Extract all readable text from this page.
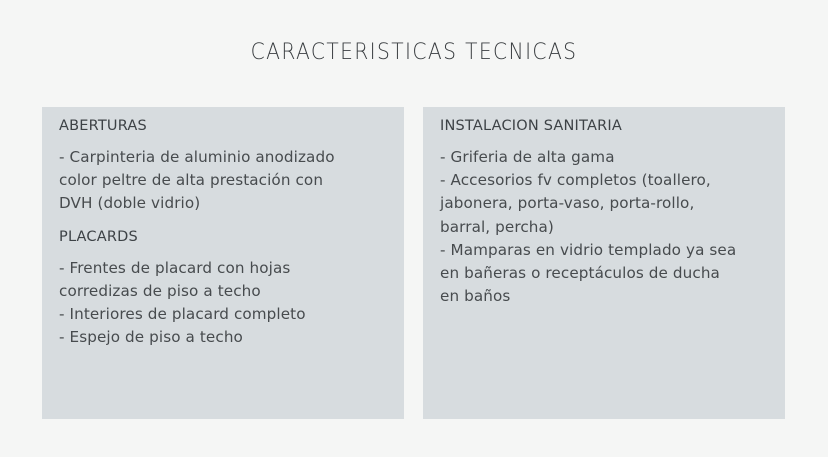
CARACTERISTICAS TECNICAS
ABERTURAS
- Carpinteria de aluminio anodizado
color peltre de alta prestación con
DVH (doble vidrio)
PLACARDS
- Frentes de placard con hojas
corredizas de piso a techo
- Interiores de placard completo
- Espejo de piso a techo
INSTALACION SANITARIA
- Griferia de alta gama
- Accesorios fv completos (toallero,
jabonera, porta-vaso, porta-rollo,
barral, percha)
- Mamparas en vidrio templado ya sea
en bañeras o receptáculos de ducha
en baños
